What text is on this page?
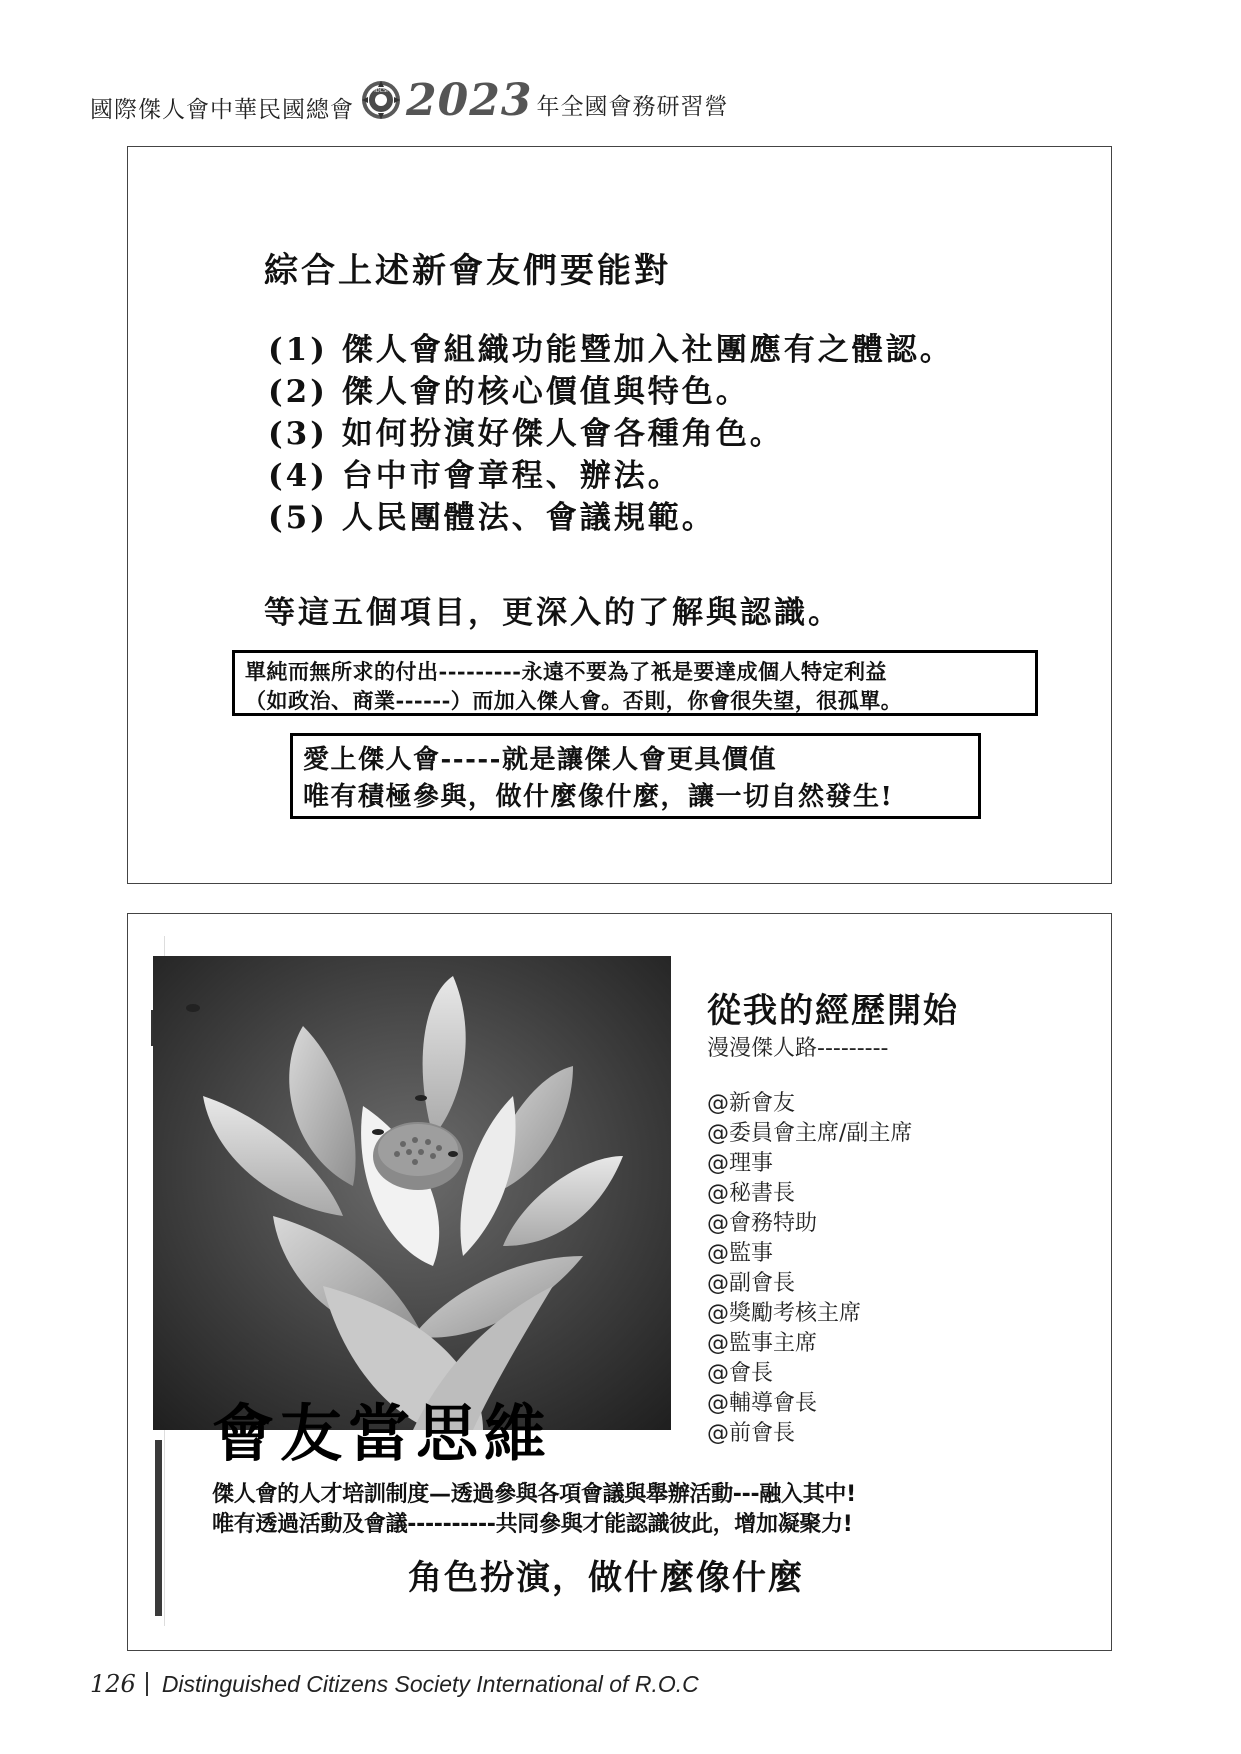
國際傑人會中華民國總會
IDCSI 2023 年全國會務研習營
綜合上述新會友們要能對
(1) 傑人會組織功能暨加入社團應有之體認。
(2) 傑人會的核心價值與特色。
(3) 如何扮演好傑人會各種角色。
(4) 台中市會章程、辦法。
(5) 人民團體法、會議規範。
等這五個項目，更深入的了解與認識。
單純而無所求的付出---------永遠不要為了衹是要達成個人特定利益
（如政治、商業------）而加入傑人會。否則，你會很失望，很孤單。
愛上傑人會-----就是讓傑人會更具價值
唯有積極參與，做什麼像什麼，讓一切自然發生!
從我的經歷開始
漫漫傑人路---------
@新會友
@委員會主席/副主席
@理事
@秘書長
@會務特助
@監事
@副會長
@獎勵考核主席
@監事主席
@會長
@輔導會長
@前會長
會友當思維
傑人會的人才培訓制度—透過參與各項會議與舉辦活動---融入其中!
唯有透過活動及會議----------共同參與才能認識彼此，增加凝聚力!
角色扮演，做什麼像什麼
126 Distinguished Citizens Society International of R.O.C
